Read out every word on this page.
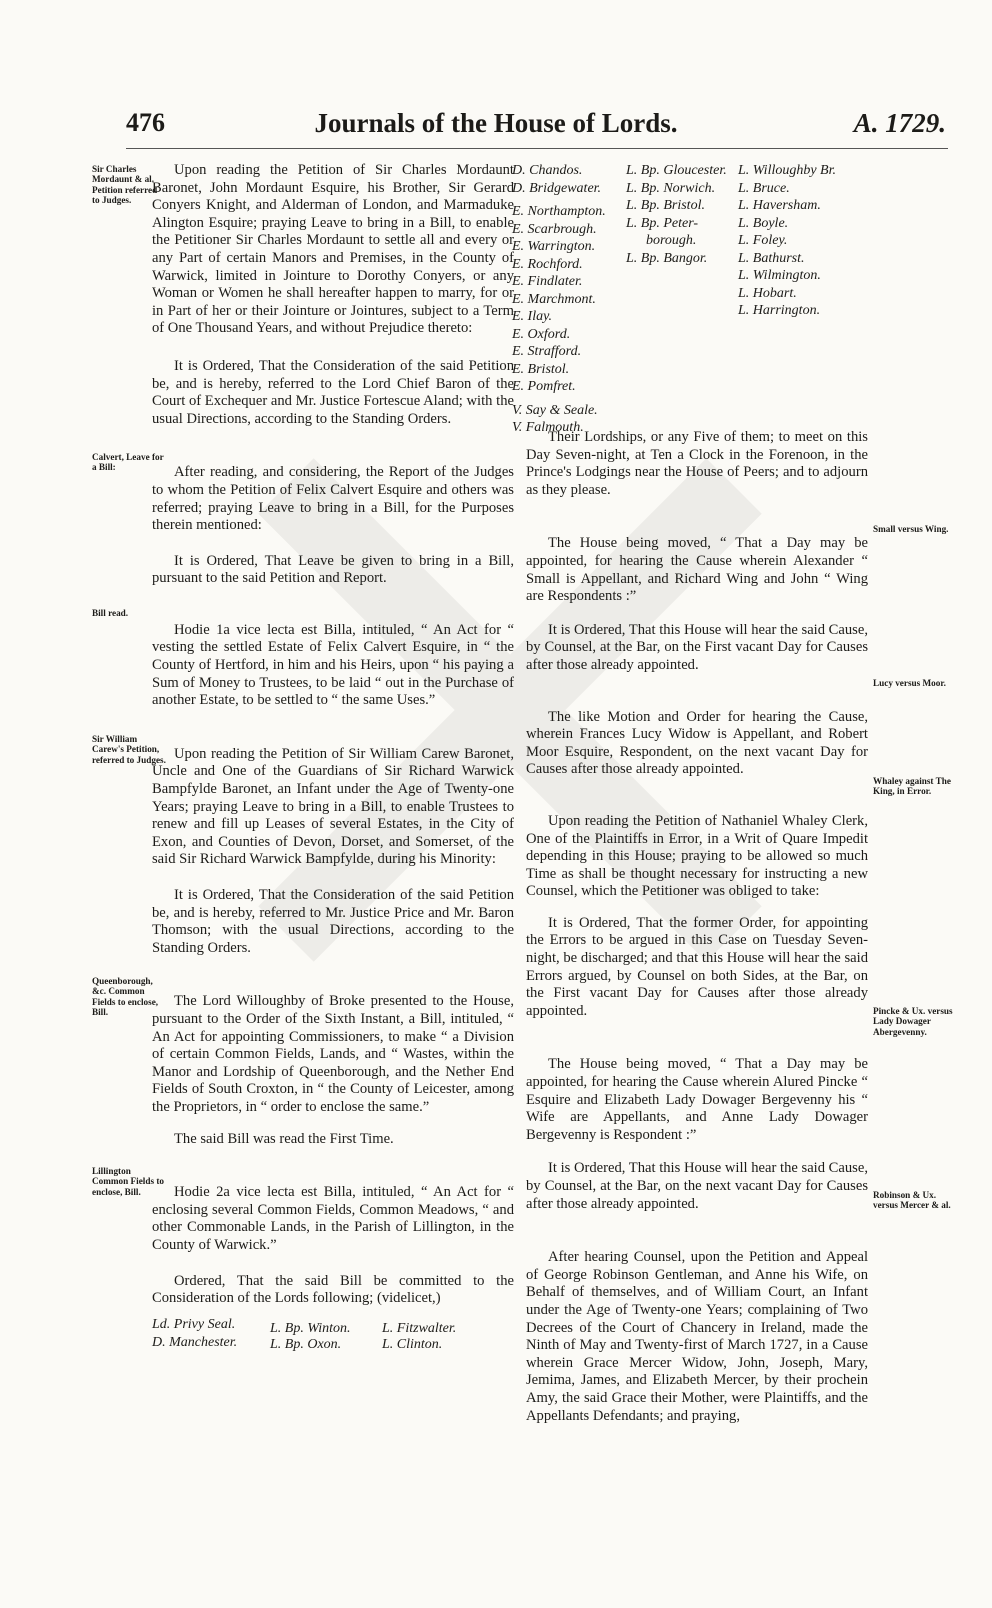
476	Journals of the House of Lords.	A. 1729.
Sir Charles Mordaunt & al. Petition referred to Judges.
Calvert, Leave for a Bill:
Bill read.
Sir William Carew's Petition, referred to Judges.
Queenborough, &c. Common Fields to enclose, Bill.
Lillington Common Fields to enclose, Bill.
Small versus Wing.
Lucy versus Moor.
Whaley against The King, in Error.
Pincke & Ux. versus Lady Dowager Abergevenny.
Robinson & Ux. versus Mercer & al.

Upon reading the Petition of Sir Charles Mordaunt Baronet, John Mordaunt Esquire, his Brother, Sir Gerard Conyers Knight, and Alderman of London, and Marmaduke Alington Esquire; praying Leave to bring in a Bill, to enable the Petitioner Sir Charles Mordaunt to settle all and every or any Part of certain Manors and Premises, in the County of Warwick, limited in Jointure to Dorothy Conyers, or any Woman or Women he shall hereafter happen to marry, for or in Part of her or their Jointure or Jointures, subject to a Term of One Thousand Years, and without Prejudice thereto:

It is Ordered, That the Consideration of the said Petition be, and is hereby, referred to the Lord Chief Baron of the Court of Exchequer and Mr. Justice Fortescue Aland; with the usual Directions, according to the Standing Orders.

After reading, and considering, the Report of the Judges to whom the Petition of Felix Calvert Esquire and others was referred; praying Leave to bring in a Bill, for the Purposes therein mentioned:

It is Ordered, That Leave be given to bring in a Bill, pursuant to the said Petition and Report.

Hodie 1a vice lecta est Billa, intituled, “ An Act for “ vesting the settled Estate of Felix Calvert Esquire, in “ the County of Hertford, in him and his Heirs, upon “ his paying a Sum of Money to Trustees, to be laid “ out in the Purchase of another Estate, to be settled to “ the same Uses.”

Upon reading the Petition of Sir William Carew Baronet, Uncle and One of the Guardians of Sir Richard Warwick Bampfylde Baronet, an Infant under the Age of Twenty-one Years; praying Leave to bring in a Bill, to enable Trustees to renew and fill up Leases of several Estates, in the City of Exon, and Counties of Devon, Dorset, and Somerset, of the said Sir Richard Warwick Bampfylde, during his Minority:

It is Ordered, That the Consideration of the said Petition be, and is hereby, referred to Mr. Justice Price and Mr. Baron Thomson; with the usual Directions, according to the Standing Orders.

The Lord Willoughby of Broke presented to the House, pursuant to the Order of the Sixth Instant, a Bill, intituled, “ An Act for appointing Commissioners, to make “ a Division of certain Common Fields, Lands, and “ Wastes, within the Manor and Lordship of Queenborough, and the Nether End Fields of South Croxton, in “ the County of Leicester, among the Proprietors, in “ order to enclose the same.”

The said Bill was read the First Time.

Hodie 2a vice lecta est Billa, intituled, “ An Act for “ enclosing several Common Fields, Common Meadows, “ and other Commonable Lands, in the Parish of Lillington, in the County of Warwick.”

Ordered, That the said Bill be committed to the Consideration of the Lords following; (videlicet,)

Ld. Privy Seal.
D. Manchester.
L. Bp. Winton.
L. Bp. Oxon.
L. Fitzwalter.
L. Clinton.
D. Chandos.
D. Bridgewater.
E. Northampton.
E. Scarbrough.
E. Warrington.
E. Rochford.
E. Findlater.
E. Marchmont.
E. Ilay.
E. Oxford.
E. Strafford.
E. Bristol.
E. Pomfret.
V. Say & Seale.
V. Falmouth.
L. Bp. Gloucester.
L. Bp. Norwich.
L. Bp. Bristol.
L. Bp. Peter-
borough.
L. Bp. Bangor.
L. Willoughby Br.
L. Bruce.
L. Haversham.
L. Boyle.
L. Foley.
L. Bathurst.
L. Wilmington.
L. Hobart.
L. Harrington.

Their Lordships, or any Five of them; to meet on this Day Seven-night, at Ten a Clock in the Forenoon, in the Prince's Lodgings near the House of Peers; and to adjourn as they please.

The House being moved, “ That a Day may be appointed, for hearing the Cause wherein Alexander “ Small is Appellant, and Richard Wing and John “ Wing are Respondents :”

It is Ordered, That this House will hear the said Cause, by Counsel, at the Bar, on the First vacant Day for Causes after those already appointed.

The like Motion and Order for hearing the Cause, wherein Frances Lucy Widow is Appellant, and Robert Moor Esquire, Respondent, on the next vacant Day for Causes after those already appointed.

Upon reading the Petition of Nathaniel Whaley Clerk, One of the Plaintiffs in Error, in a Writ of Quare Impedit depending in this House; praying to be allowed so much Time as shall be thought necessary for instructing a new Counsel, which the Petitioner was obliged to take:

It is Ordered, That the former Order, for appointing the Errors to be argued in this Case on Tuesday Seven-night, be discharged; and that this House will hear the said Errors argued, by Counsel on both Sides, at the Bar, on the First vacant Day for Causes after those already appointed.

The House being moved, “ That a Day may be appointed, for hearing the Cause wherein Alured Pincke “ Esquire and Elizabeth Lady Dowager Bergevenny his “ Wife are Appellants, and Anne Lady Dowager Bergevenny is Respondent :”

It is Ordered, That this House will hear the said Cause, by Counsel, at the Bar, on the next vacant Day for Causes after those already appointed.

After hearing Counsel, upon the Petition and Appeal of George Robinson Gentleman, and Anne his Wife, on Behalf of themselves, and of William Court, an Infant under the Age of Twenty-one Years; complaining of Two Decrees of the Court of Chancery in Ireland, made the Ninth of May and Twenty-first of March 1727, in a Cause wherein Grace Mercer Widow, John, Joseph, Mary, Jemima, James, and Elizabeth Mercer, by their prochein Amy, the said Grace their Mother, were Plaintiffs, and the Appellants Defendants; and praying,
